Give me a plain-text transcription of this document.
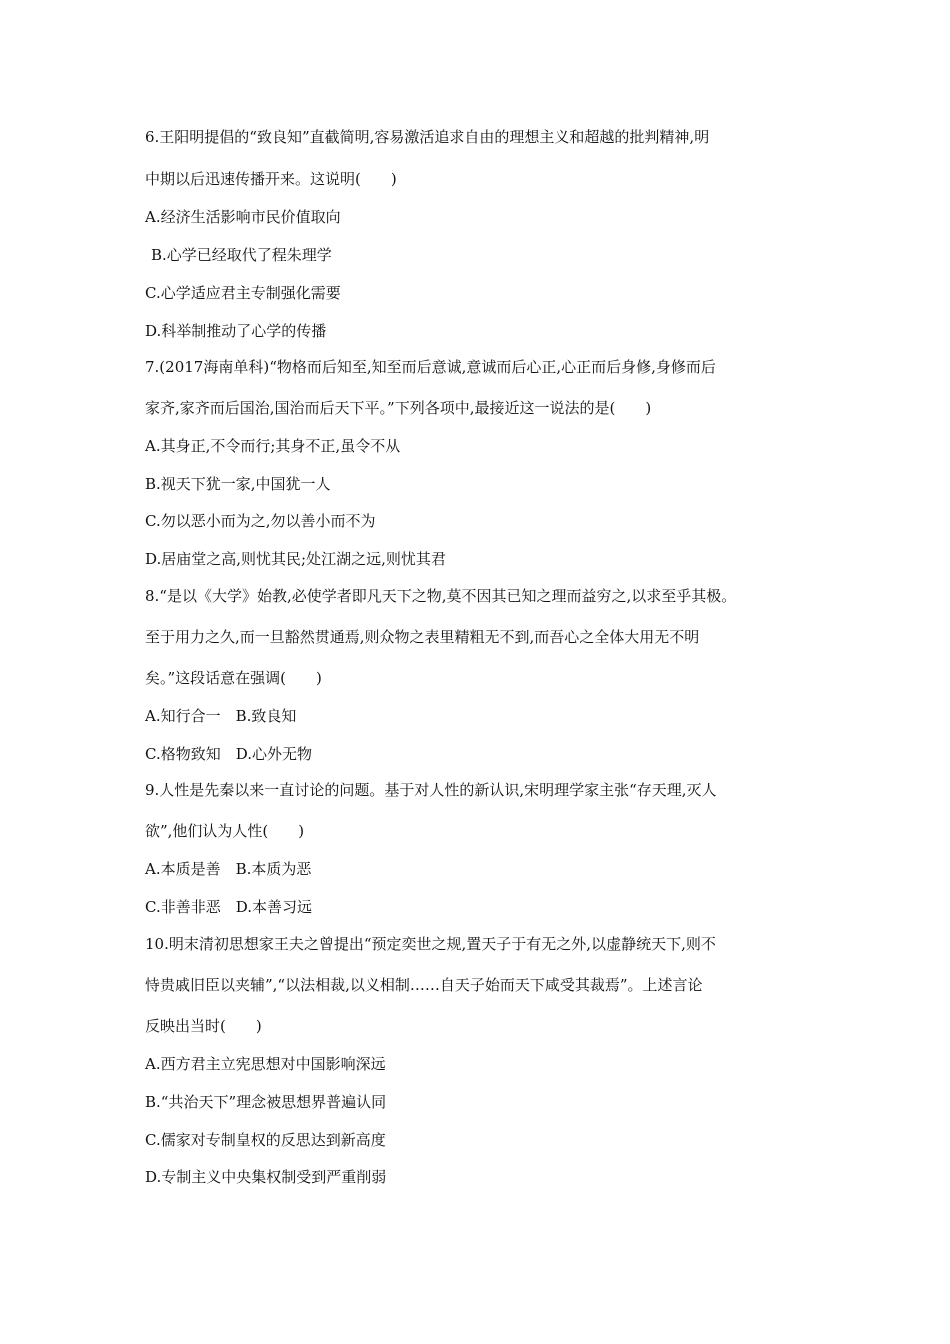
6.王阳明提倡的“致良知”直截简明,容易激活追求自由的理想主义和超越的批判精神,明
中期以后迅速传播开来。这说明(　　)
A.经济生活影响市民价值取向
B.心学已经取代了程朱理学
C.心学适应君主专制强化需要
D.科举制推动了心学的传播
7.(2017海南单科)“物格而后知至,知至而后意诚,意诚而后心正,心正而后身修,身修而后
家齐,家齐而后国治,国治而后天下平。”下列各项中,最接近这一说法的是(　　)
A.其身正,不令而行;其身不正,虽令不从
B.视天下犹一家,中国犹一人
C.勿以恶小而为之,勿以善小而不为
D.居庙堂之高,则忧其民;处江湖之远,则忧其君
8.“是以《大学》始教,必使学者即凡天下之物,莫不因其已知之理而益穷之,以求至乎其极。
至于用力之久,而一旦豁然贯通焉,则众物之表里精粗无不到,而吾心之全体大用无不明
矣。”这段话意在强调(　　)
A.知行合一　B.致良知
C.格物致知　D.心外无物
9.人性是先秦以来一直讨论的问题。基于对人性的新认识,宋明理学家主张“存天理,灭人
欲”,他们认为人性(　　)
A.本质是善　B.本质为恶
C.非善非恶　D.本善习远
10.明末清初思想家王夫之曾提出“预定奕世之规,置天子于有无之外,以虚静统天下,则不
恃贵戚旧臣以夹辅”,“以法相裁,以义相制……自天子始而天下咸受其裁焉”。上述言论
反映出当时(　　)
A.西方君主立宪思想对中国影响深远
B.“共治天下”理念被思想界普遍认同
C.儒家对专制皇权的反思达到新高度
D.专制主义中央集权制受到严重削弱
